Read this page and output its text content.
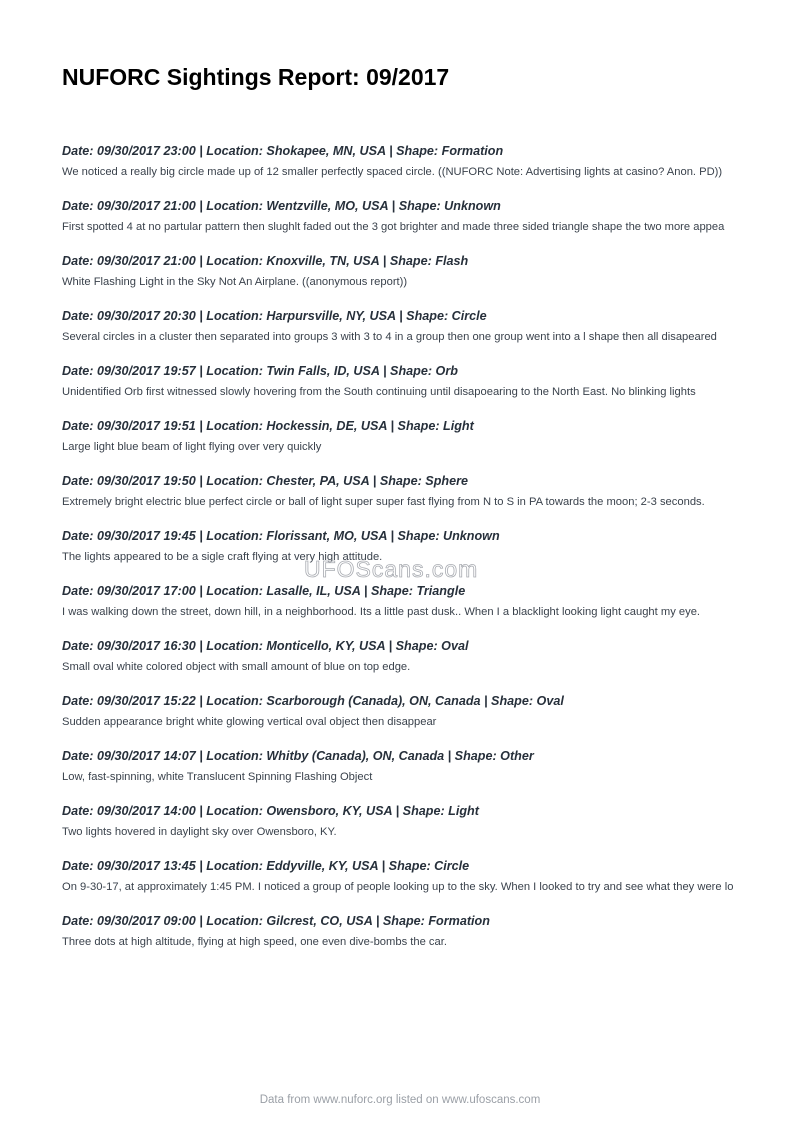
NUFORC Sightings Report: 09/2017
Date: 09/30/2017 23:00 | Location: Shokapee, MN, USA | Shape: Formation
We noticed a really big circle made up of 12 smaller perfectly spaced circle. ((NUFORC Note: Advertising lights at casino? Anon. PD))
Date: 09/30/2017 21:00 | Location: Wentzville, MO, USA | Shape: Unknown
First spotted 4 at no partular pattern then slughlt faded out the 3 got brighter and made three sided triangle shape the two more appea
Date: 09/30/2017 21:00 | Location: Knoxville, TN, USA | Shape: Flash
White Flashing Light in the Sky Not An Airplane. ((anonymous report))
Date: 09/30/2017 20:30 | Location: Harpursville, NY, USA | Shape: Circle
Several circles in a cluster then separated into groups 3 with 3 to 4 in a group then one group went into a l shape then all disapeared
Date: 09/30/2017 19:57 | Location: Twin Falls, ID, USA | Shape: Orb
Unidentified Orb first witnessed slowly hovering from the South continuing until disapoearing to the North East. No blinking lights
Date: 09/30/2017 19:51 | Location: Hockessin, DE, USA | Shape: Light
Large light blue beam of light flying over very quickly
Date: 09/30/2017 19:50 | Location: Chester, PA, USA | Shape: Sphere
Extremely bright electric blue perfect circle or ball of light super super fast flying from N to S in PA towards the moon; 2-3 seconds.
Date: 09/30/2017 19:45 | Location: Florissant, MO, USA | Shape: Unknown
The lights appeared to be a sigle craft flying at very high attitude.
Date: 09/30/2017 17:00 | Location: Lasalle, IL, USA | Shape: Triangle
I was walking down the street, down hill, in a neighborhood. Its a little past dusk.. When I a blacklight looking light caught my eye.
Date: 09/30/2017 16:30 | Location: Monticello, KY, USA | Shape: Oval
Small oval white colored object with small amount of blue on top edge.
Date: 09/30/2017 15:22 | Location: Scarborough (Canada), ON, Canada | Shape: Oval
Sudden appearance bright white glowing vertical oval object then disappear
Date: 09/30/2017 14:07 | Location: Whitby (Canada), ON, Canada | Shape: Other
Low, fast-spinning, white Translucent Spinning Flashing Object
Date: 09/30/2017 14:00 | Location: Owensboro, KY, USA | Shape: Light
Two lights hovered in daylight sky over Owensboro, KY.
Date: 09/30/2017 13:45 | Location: Eddyville, KY, USA | Shape: Circle
On 9-30-17, at approximately 1:45 PM. I noticed a group of people looking up to the sky. When I looked to try and see what they were lo
Date: 09/30/2017 09:00 | Location: Gilcrest, CO, USA | Shape: Formation
Three dots at high altitude, flying at high speed, one even dive-bombs the car.
UFOScans.com
Data from www.nuforc.org listed on www.ufoscans.com
